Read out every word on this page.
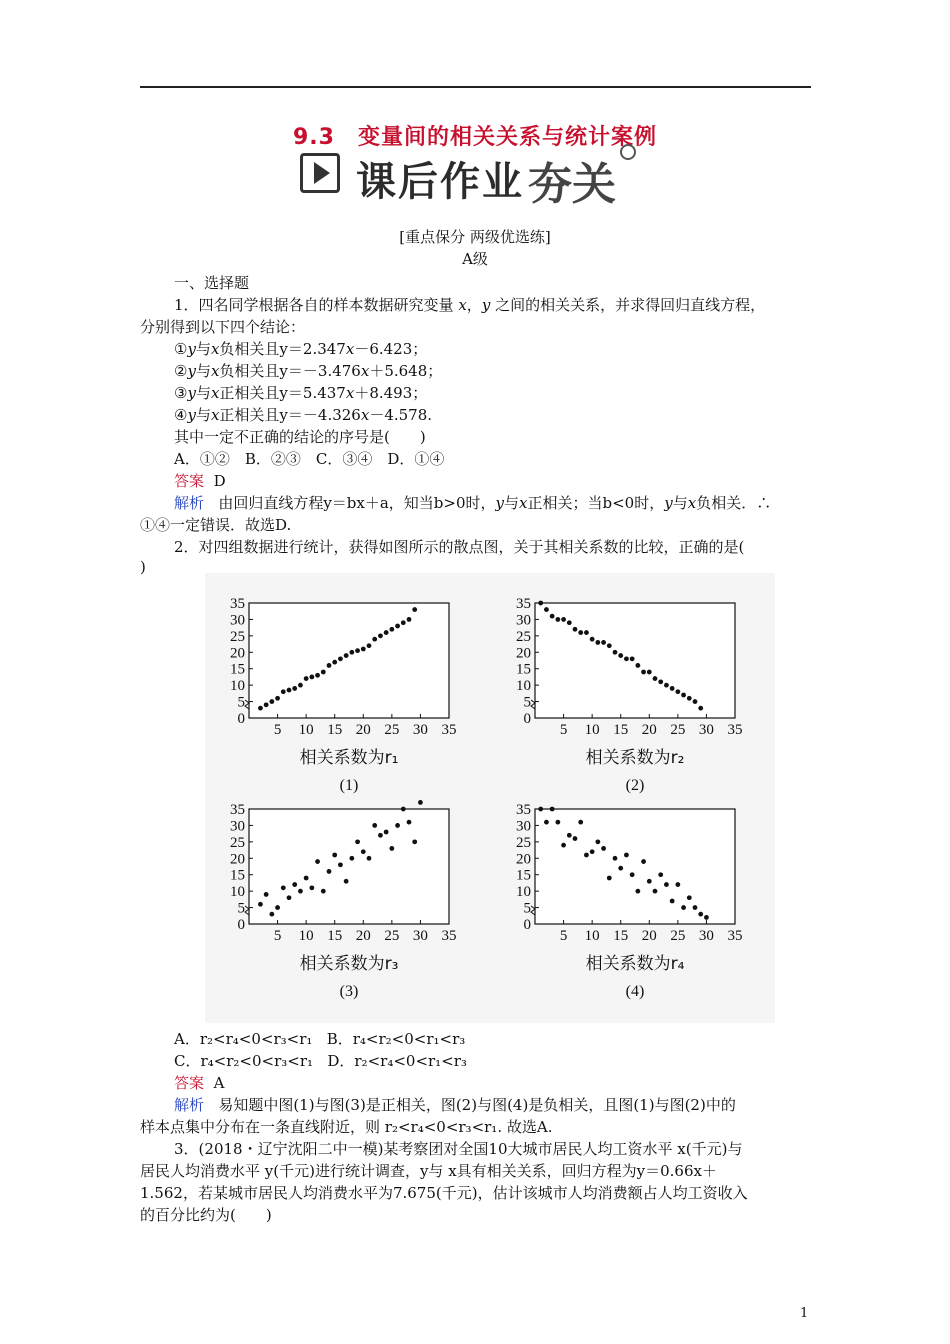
9.3　变量间的相关关系与统计案例
课后作业 夯关
[重点保分 两级优选练]
A级
一、选择题
1．四名同学根据各自的样本数据研究变量 x，y 之间的相关关系，并求得回归直线方程，
分别得到以下四个结论：
①y与x负相关且y＝2.347x－6.423；
②y与x负相关且y＝－3.476x＋5.648；
③y与x正相关且y＝5.437x＋8.493；
④y与x正相关且y＝－4.326x－4.578.
其中一定不正确的结论的序号是(　　)
A．①②　B．②③　C．③④　D．①④
答案 D
解析 由回归直线方程y＝bx＋a，知当b>0时，y与x正相关；当b<0时，y与x负相关．∴
①④一定错误．故选D.
2．对四组数据进行统计，获得如图所示的散点图，关于其相关系数的比较，正确的是(
)
0
5
10
15
20
25
30
35
5 10 15 20 25 30 35
相关系数为r₁
(1)
0
5
10
15
20
25
30
35
5 10 15 20 25 30 35
相关系数为r₂
(2)
0
5
10
15
20
25
30
35
5 10 15 20 25 30 35
相关系数为r₃
(3)
0
5
10
15
20
25
30
35
5 10 15 20 25 30 35
相关系数为r₄
(4)
A．r₂<r₄<0<r₃<r₁ B．r₄<r₂<0<r₁<r₃
C．r₄<r₂<0<r₃<r₁ D．r₂<r₄<0<r₁<r₃
答案 A
解析 易知题中图(1)与图(3)是正相关，图(2)与图(4)是负相关，且图(1)与图(2)中的
样本点集中分布在一条直线附近，则 r₂<r₄<0<r₃<r₁. 故选A.
3．(2018・辽宁沈阳二中一模)某考察团对全国10大城市居民人均工资水平 x(千元)与
居民人均消费水平 y(千元)进行统计调查，y与 x具有相关关系，回归方程为y＝0.66x＋
1.562，若某城市居民人均消费水平为7.675(千元)，估计该城市人均消费额占人均工资收入
的百分比约为(　　)
1
